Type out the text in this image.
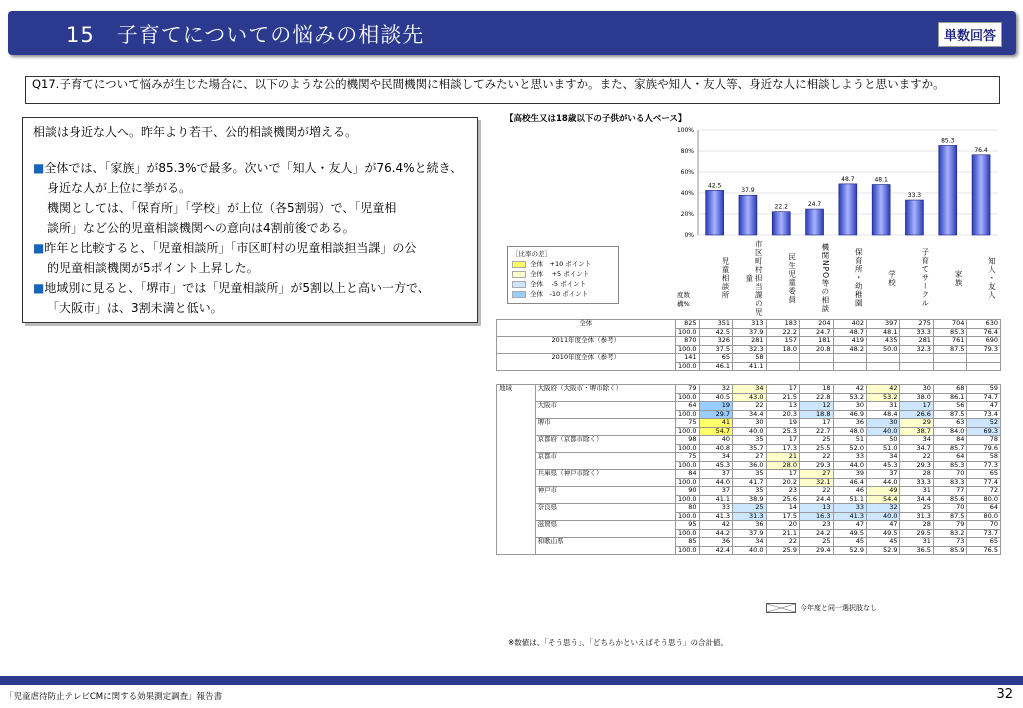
15　子育てについての悩みの相談先	単数回答
Q17.子育てについて悩みが生じた場合に、以下のような公的機関や民間機関に相談してみたいと思いますか。また、家族や知人・友人等、身近な人に相談しようと思いますか。

相談は身近な人へ。昨年より若干、公的相談機関が増える。

■全体では、「家族」が85.3%で最多。次いで「知人・友人」が76.4%と続き、

身近な人が上位に挙がる。

機関としては、「保育所」「学校」が上位（各5割弱）で、「児童相

談所」など公的児童相談機関への意向は4割前後である。

■昨年と比較すると、「児童相談所」「市区町村の児童相談担当課」の公

的児童相談機関が5ポイント上昇した。

■地域別に見ると、「堺市」では「児童相談所」が5割以上と高い一方で、

「大阪市」は、3割未満と低い。

【高校生又は18歳以下の子供がいる人ベース】
0%
20%
40%
60%
80%
100%
42.5
37.9
22.2	24.7
48.7	48.1
33.3
85.3
76.4
［比率の差］
全体　+10 ポイント
全体　 +5 ポイント
全体　 -5 ポイント
全体　-10 ポイント	児童相談所	市区町村担当課の児童	民生児童委員	機関NPO等の相談	保育所・幼稚園	学校	子育てサークル	家族	知人・友人
度数
構%
全体	825	351	313	183	204	402	397	275	704	630
	100.0	42.5	37.9	22.2	24.7	48.7	48.1	33.3	85.3	76.4
2011年度全体（参考）	870	326	281	157	181	419	435	281	761	690
	100.0	37.5	32.3	18.0	20.8	48.2	50.0	32.3	87.5	79.3
2010年度全体（参考）	141	65	58							
	100.0	46.1	41.1							
地域	大阪府（大阪市・堺市除く）	79	32	34	17	18	42	42	30	68	59
		100.0	40.5	43.0	21.5	22.8	53.2	53.2	38.0	86.1	74.7
	大阪市	64	19	22	13	12	30	31	17	56	47
		100.0	29.7	34.4	20.3	18.8	46.9	48.4	26.6	87.5	73.4
	堺市	75	41	30	19	17	36	30	29	63	52
		100.0	54.7	40.0	25.3	22.7	48.0	40.0	38.7	84.0	69.3
	京都府（京都市除く）	98	40	35	17	25	51	50	34	84	78
		100.0	40.8	35.7	17.3	25.5	52.0	51.0	34.7	85.7	79.6
	京都市	75	34	27	21	22	33	34	22	64	58
		100.0	45.3	36.0	28.0	29.3	44.0	45.3	29.3	85.3	77.3
	兵庫県（神戸市除く）	84	37	35	17	27	39	37	28	70	65
		100.0	44.0	41.7	20.2	32.1	46.4	44.0	33.3	83.3	77.4
	神戸市	90	37	35	23	22	46	49	31	77	72
		100.0	41.1	38.9	25.6	24.4	51.1	54.4	34.4	85.6	80.0
	奈良県	80	33	25	14	13	33	32	25	70	64
		100.0	41.3	31.3	17.5	16.3	41.3	40.0	31.3	87.5	80.0
	滋賀県	95	42	36	20	23	47	47	28	79	70
		100.0	44.2	37.9	21.1	24.2	49.5	49.5	29.5	83.2	73.7
	和歌山県	85	36	34	22	25	45	45	31	73	65
		100.0	42.4	40.0	25.9	29.4	52.9	52.9	36.5	85.9	76.5
今年度と同一選択肢なし
※数値は、「そう思う」、「どちらかといえばそう思う」の合計値。
「児童虐待防止テレビCMに関する効果測定調査」報告書	32
